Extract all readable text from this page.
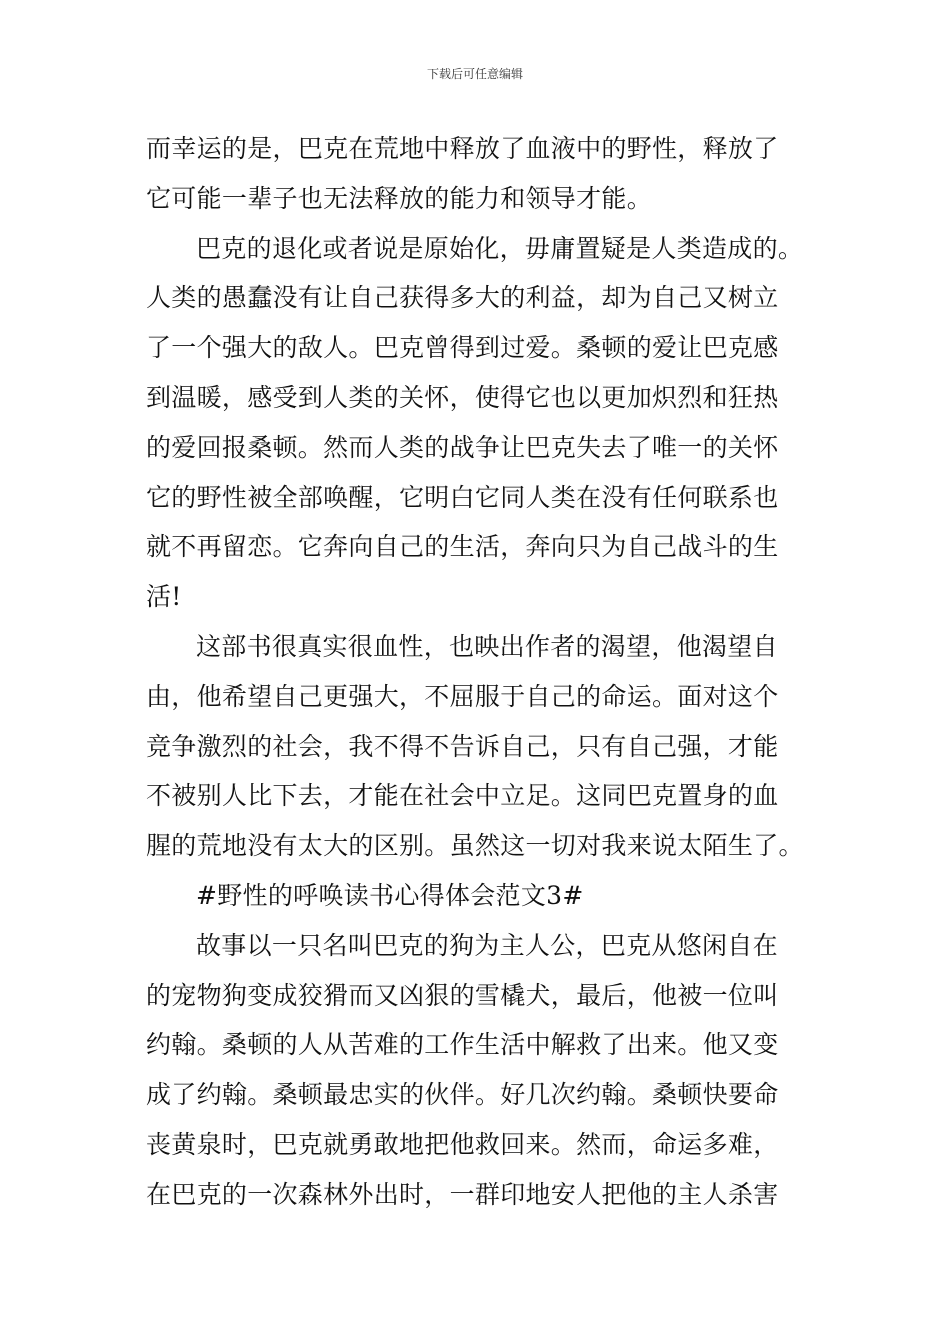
下载后可任意编辑
而幸运的是，巴克在荒地中释放了血液中的野性，释放了
它可能一辈子也无法释放的能力和领导才能。
巴克的退化或者说是原始化，毋庸置疑是人类造成的。
人类的愚蠢没有让自己获得多大的利益，却为自己又树立
了一个强大的敌人。巴克曾得到过爱。桑顿的爱让巴克感
到温暖，感受到人类的关怀，使得它也以更加炽烈和狂热
的爱回报桑顿。然而人类的战争让巴克失去了唯一的关怀
它的野性被全部唤醒，它明白它同人类在没有任何联系也
就不再留恋。它奔向自己的生活，奔向只为自己战斗的生
活!
这部书很真实很血性，也映出作者的渴望，他渴望自
由，他希望自己更强大，不屈服于自己的命运。面对这个
竞争激烈的社会，我不得不告诉自己，只有自己强，才能
不被别人比下去，才能在社会中立足。这同巴克置身的血
腥的荒地没有太大的区别。虽然这一切对我来说太陌生了。
#野性的呼唤读书心得体会范文3#
故事以一只名叫巴克的狗为主人公，巴克从悠闲自在
的宠物狗变成狡猾而又凶狠的雪橇犬，最后，他被一位叫
约翰。桑顿的人从苦难的工作生活中解救了出来。他又变
成了约翰。桑顿最忠实的伙伴。好几次约翰。桑顿快要命
丧黄泉时，巴克就勇敢地把他救回来。然而，命运多难，
在巴克的一次森林外出时，一群印地安人把他的主人杀害
